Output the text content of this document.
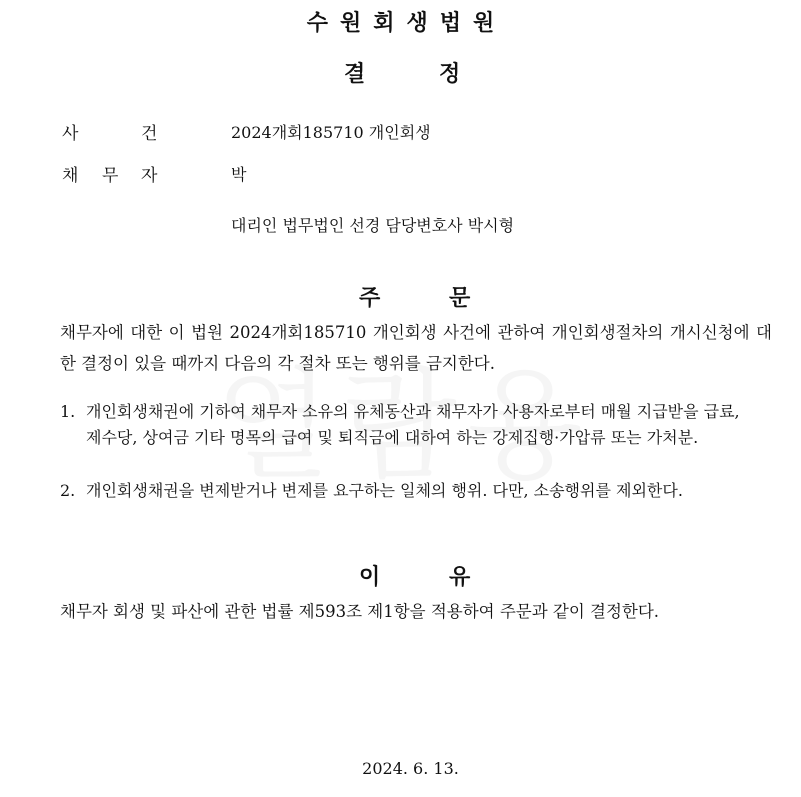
수원회생법원
결	정
사	건	2024개회185710 개인회생
채 무 자	박
대리인 법무법인 선경 담당변호사 박시형
주	문
채무자에 대한 이 법원 2024개회185710 개인회생 사건에 관하여 개인회생절차의 개시신청에 대한 결정이 있을 때까지 다음의 각 절차 또는 행위를 금지한다.
1. 개인회생채권에 기하여 채무자 소유의 유체동산과 채무자가 사용자로부터 매월 지급받을 급료, 제수당, 상여금 기타 명목의 급여 및 퇴직금에 대하여 하는 강제집행·가압류 또는 가처분.
2. 개인회생채권을 변제받거나 변제를 요구하는 일체의 행위. 다만, 소송행위를 제외한다.
이	유
채무자 회생 및 파산에 관한 법률 제593조 제1항을 적용하여 주문과 같이 결정한다.
2024. 6. 13.
